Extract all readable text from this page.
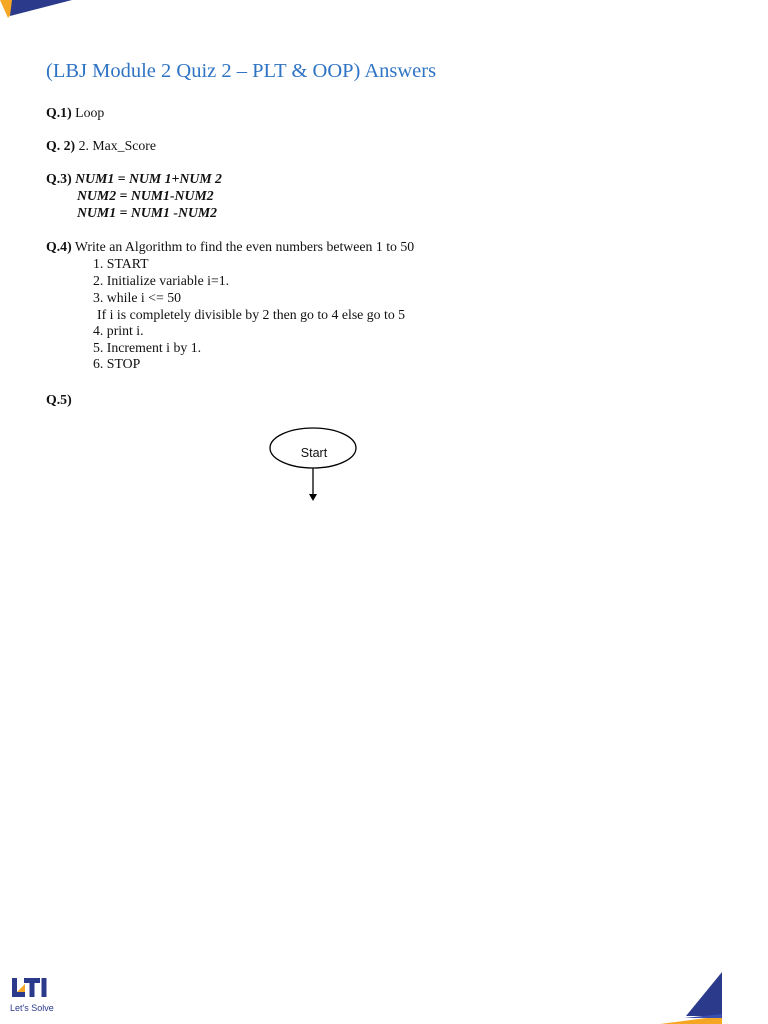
(LBJ Module 2 Quiz 2 – PLT & OOP) Answers
Q.1) Loop
Q. 2) 2. Max_Score
Q.3) NUM1 = NUM 1+NUM 2
NUM2 = NUM1-NUM2
NUM1 = NUM1 -NUM2
Q.4) Write an Algorithm to find the even numbers between 1 to 50
1. START
2. Initialize variable i=1.
3. while i <= 50
If i is completely divisible by 2 then go to 4 else go to 5
4. print i.
5. Increment i by 1.
6. STOP
Q.5)
Start
Let's Solve
